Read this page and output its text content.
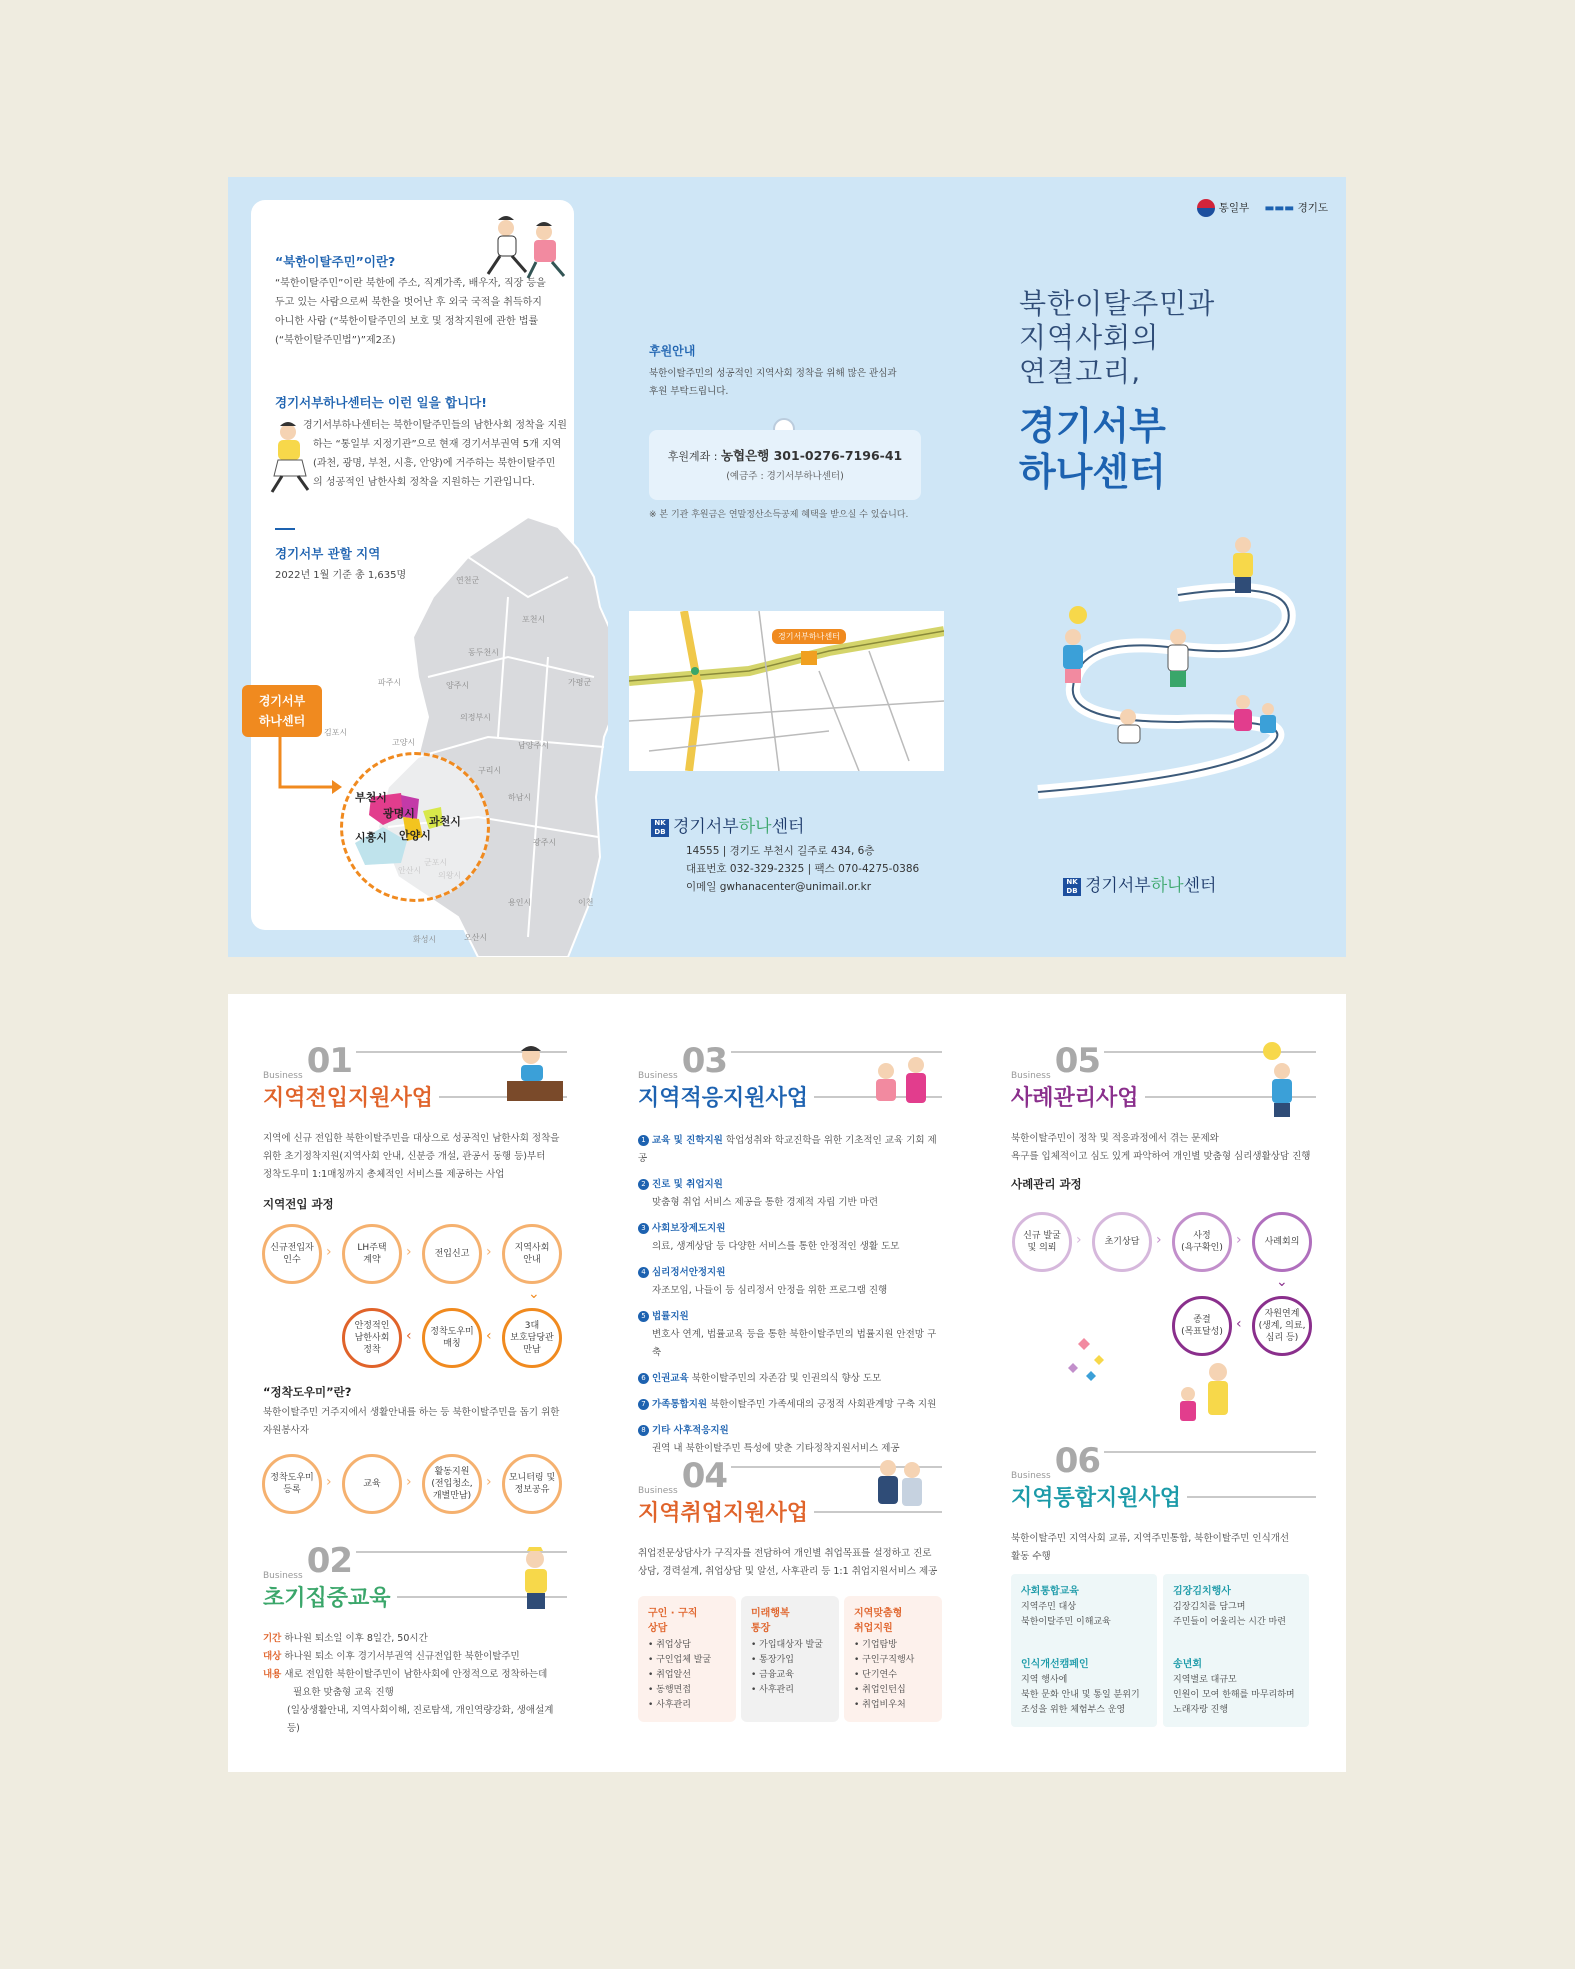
“북한이탈주민”이란?
“북한이탈주민”이란 북한에 주소, 직계가족, 배우자, 직장 등을
두고 있는 사람으로써 북한을 벗어난 후 외국 국적을 취득하지
아니한 사람 (“북한이탈주민의 보호 및 정착지원에 관한 법률
(“북한이탈주민법”)”제2조)
경기서부하나센터는 이런 일을 합니다!
경기서부하나센터는 북한이탈주민들의 남한사회 정착을 지원
하는 “통일부 지정기관”으로 현재 경기서부권역 5개 지역
(과천, 광명, 부천, 시흥, 안양)에 거주하는 북한이탈주민
의 성공적인 남한사회 정착을 지원하는 기관입니다.
경기서부 관할 지역
2022년 1월 기준 총 1,635명	연천군
포천시
동두천시
파주시	양주시	가평군
의정부시
김포시
고양시	남양주시
구리시
하남시
광주시
용인시	이천
화성시	오산시
경기서부
하나센터
부천시
광명시
과천시
시흥시 안양시
후원안내
북한이탈주민의 성공적인 지역사회 정착을 위해 많은 관심과
후원 부탁드립니다.
후원계좌 : 농협은행 301-0276-7196-41
(예금주 : 경기서부하나센터)
※ 본 기관 후원금은 연말정산소득공제 혜택을 받으실 수 있습니다.
경기서부하나센터
NK DB 경기서부하나센터
14555 | 경기도 부천시 길주로 434, 6층
대표번호 032-329-2325 | 팩스 070-4275-0386
이메일 gwhanacenter@unimail.or.kr
통일부 ▬▬▬ 경기도
북한이탈주민과
지역사회의
연결고리,
경기서부
하나센터
NK DB 경기서부하나센터
Business 01
지역전입지원사업
지역에 신규 전입한 북한이탈주민을 대상으로 성공적인 남한사회 정착을
위한 초기정착지원(지역사회 안내, 신분증 개설, 관공서 동행 등)부터
정착도우미 1:1매칭까지 총체적인 서비스를 제공하는 사업
지역전입 과정
신규전입자
인수	›	LH주택
계약	›	전입신고 ›	지역사회
안내
⌄
3대
보호담당관
만남
‹
정착도우미
매칭
‹
안정적인
남한사회
정착
“정착도우미”란?
북한이탈주민 거주지에서 생활안내를 하는 등 북한이탈주민을 돕기 위한
자원봉사자
정착도우미
등록	›	교육 ›
활동지원
(전입청소,
개별만남)
› 모니터링 및
정보공유
Business 02
초기집중교육
기간 하나원 퇴소일 이후 8일간, 50시간
대상 하나원 퇴소 이후 경기서부권역 신규전입한 북한이탈주민
내용 새로 전입한 북한이탈주민이 남한사회에 안정적으로 정착하는데
필요한 맞춤형 교육 진행
(일상생활안내, 지역사회이해, 진로탐색, 개인역량강화, 생애설계 등)
Business 03
지역적응지원사업
1 교육 및 진학지원 학업성취와 학교진학을 위한 기초적인 교육 기회 제공
2 진로 및 취업지원
맞춤형 취업 서비스 제공을 통한 경제적 자립 기반 마련
3 사회보장제도지원
의료, 생계상담 등 다양한 서비스를 통한 안정적인 생활 도모
4 심리정서안정지원
자조모임, 나들이 등 심리정서 안정을 위한 프로그램 진행
5 법률지원
변호사 연계, 법률교육 등을 통한 북한이탈주민의 법률지원 안전망 구축
6 인권교육 북한이탈주민의 자존감 및 인권의식 향상 도모
7 가족통합지원 북한이탈주민 가족세대의 긍정적 사회관계망 구축 지원
8 기타 사후적응지원
권역 내 북한이탈주민 특성에 맞춘 기타정착지원서비스 제공
Business 04
지역취업지원사업
취업전문상담사가 구직자를 전담하여 개인별 취업목표를 설정하고 진로
상담, 경력설계, 취업상담 및 알선, 사후관리 등 1:1 취업지원서비스 제공
구인 · 구직
상담
• 취업상담
• 구인업체 발굴
• 취업알선
• 동행면접
• 사후관리
미래행복
통장
• 가입대상자 발굴
• 통장가입
• 금융교육
• 사후관리
지역맞춤형
취업지원
• 기업탐방
• 구인구직행사
• 단기연수
• 취업인턴십
• 취업비우처
Business 05
사례관리사업
북한이탈주민이 정착 및 적응과정에서 겪는 문제와
욕구를 입체적이고 심도 있게 파악하여 개인별 맞춤형 심리생활상담 진행
사례관리 과정
신규 발굴
및 의뢰	›	초기상담 ›	사정
(욕구확인) ›	사례회의
⌄
자원연계
(생계, 의료,
심리 등)
‹
종결
(목표달성)
Business 06
지역통합지원사업
북한이탈주민 지역사회 교류, 지역주민통합, 북한이탈주민 인식개선
활동 수행
사회통합교육
지역주민 대상
북한이탈주민 이해교육
김장김치행사
김장김치를 담그며
주민들이 어울리는 시간 마련
인식개선캠페인
지역 행사에
북한 문화 안내 및 통일 분위기
조성을 위한 체험부스 운영
송년회
지역별로 대규모
인원이 모여 한해를 마무리하며
노래자랑 진행
